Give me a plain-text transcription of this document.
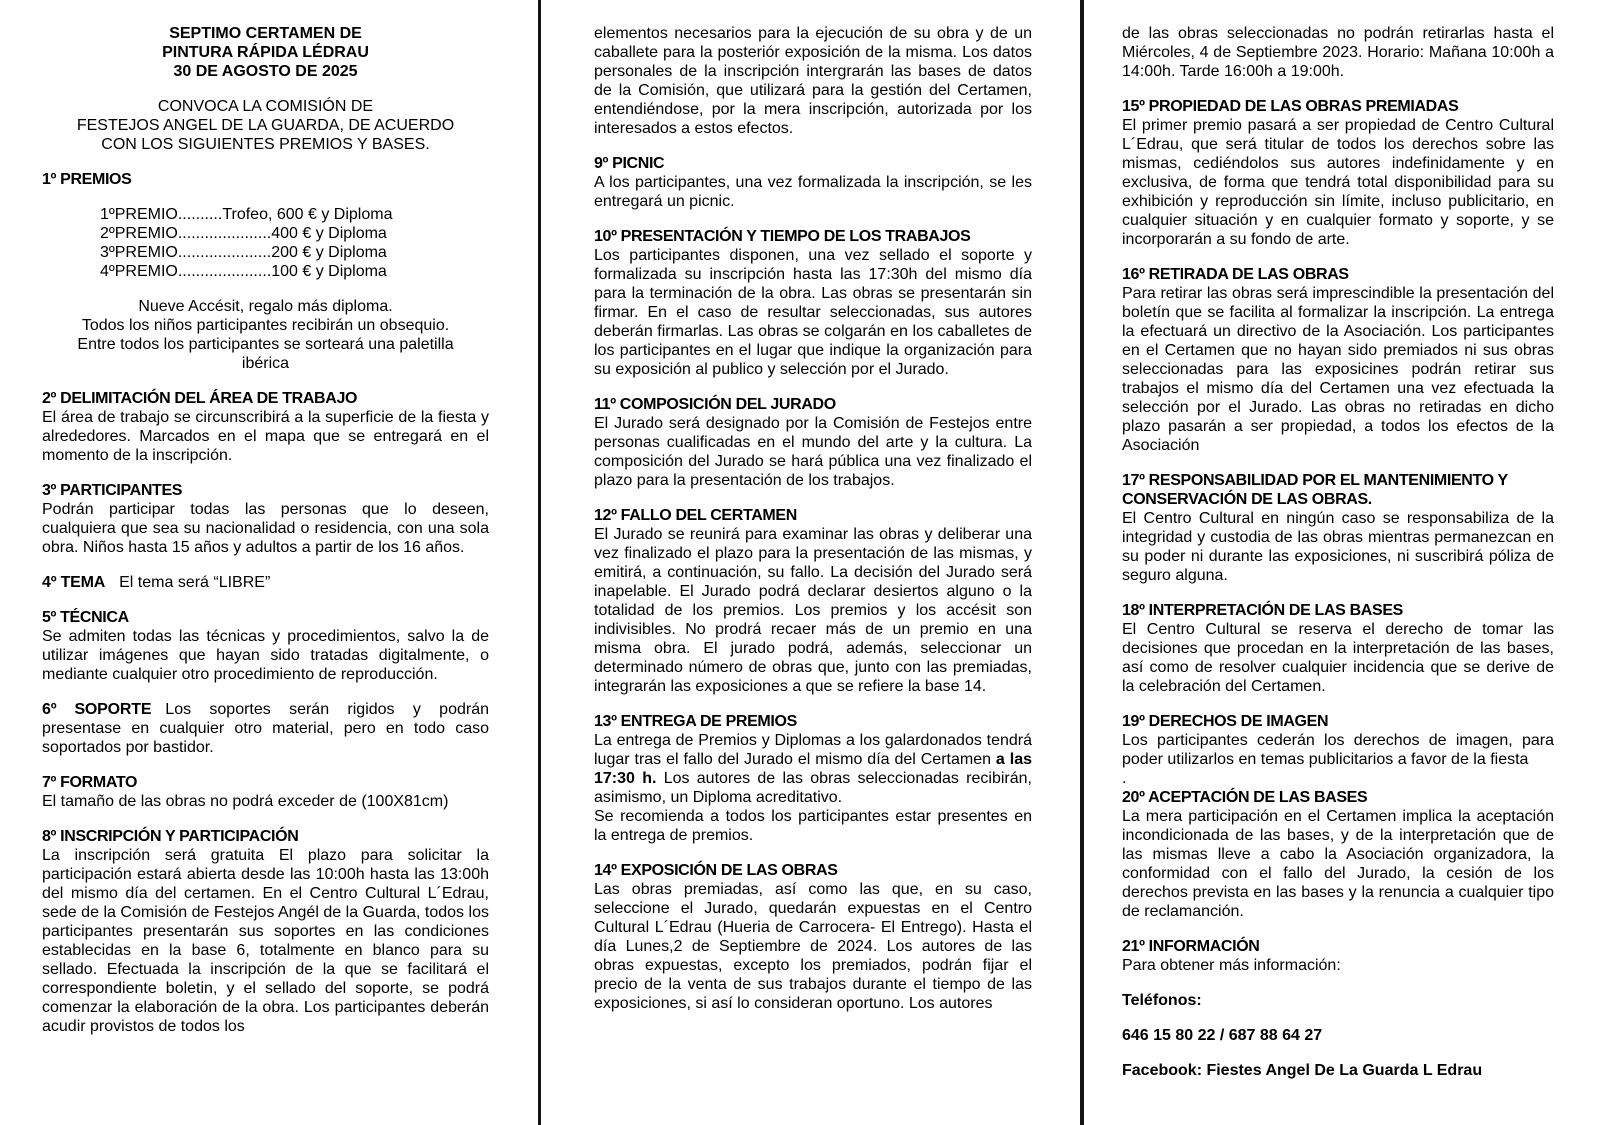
SEPTIMO CERTAMEN DE
PINTURA RÁPIDA LÉDRAU
30 DE AGOSTO DE 2025
CONVOCA LA COMISIÓN DE
FESTEJOS ANGEL DE LA GUARDA, DE ACUERDO
CON LOS SIGUIENTES PREMIOS Y BASES.
1º PREMIOS
1ºPREMIO..........Trofeo, 600 € y Diploma
2ºPREMIO.....................400 € y Diploma
3ºPREMIO.....................200 € y Diploma
4ºPREMIO.....................100 € y Diploma
Nueve Accésit, regalo más diploma.
Todos los niños participantes recibirán un obsequio.
Entre todos los participantes se sorteará una paletilla
ibérica
2º DELIMITACIÓN DEL ÁREA DE TRABAJO
El área de trabajo se circunscribirá a la superficie de la fiesta y alrededores. Marcados en el mapa que se entregará en el momento de la inscripción.
3º PARTICIPANTES
Podrán participar todas las personas que lo deseen, cualquiera que sea su nacionalidad o residencia, con una sola obra. Niños hasta 15 años y adultos a partir de los 16 años.
4º TEMA El tema será “LIBRE”
5º TÉCNICA
Se admiten todas las técnicas y procedimientos, salvo la de utilizar imágenes que hayan sido tratadas digitalmente, o mediante cualquier otro procedimiento de reproducción.
6º SOPORTE Los soportes serán rigidos y podrán presentase en cualquier otro material, pero en todo caso soportados por bastidor.
7º FORMATO
El tamaño de las obras no podrá exceder de (100X81cm)
8º INSCRIPCIÓN Y PARTICIPACIÓN
La inscripción será gratuita El plazo para solicitar la participación estará abierta desde las 10:00h hasta las 13:00h del mismo día del certamen. En el Centro Cultural L´Edrau, sede de la Comisión de Festejos Angél de la Guarda, todos los participantes presentarán sus soportes en las condiciones establecidas en la base 6, totalmente en blanco para su sellado. Efectuada la inscripción de la que se facilitará el correspondiente boletin, y el sellado del soporte, se podrá comenzar la elaboración de la obra. Los participantes deberán acudir provistos de todos los
elementos necesarios para la ejecución de su obra y de un caballete para la posteriór exposición de la misma. Los datos personales de la inscripción intergrarán las bases de datos de la Comisión, que utilizará para la gestión del Certamen, entendiéndose, por la mera inscripción, autorizada por los interesados a estos efectos.
9º PICNIC
A los participantes, una vez formalizada la inscripción, se les entregará un picnic.
10º PRESENTACIÓN Y TIEMPO DE LOS TRABAJOS
Los participantes disponen, una vez sellado el soporte y formalizada su inscripción hasta las 17:30h del mismo día para la terminación de la obra. Las obras se presentarán sin firmar. En el caso de resultar seleccionadas, sus autores deberán firmarlas. Las obras se colgarán en los caballetes de los participantes en el lugar que indique la organización para su exposición al publico y selección por el Jurado.
11º COMPOSICIÓN DEL JURADO
El Jurado será designado por la Comisión de Festejos entre personas cualificadas en el mundo del arte y la cultura. La composición del Jurado se hará pública una vez finalizado el plazo para la presentación de los trabajos.
12º FALLO DEL CERTAMEN
El Jurado se reunirá para examinar las obras y deliberar una vez finalizado el plazo para la presentación de las mismas, y emitirá, a continuación, su fallo. La decisión del Jurado será inapelable. El Jurado podrá declarar desiertos alguno o la totalidad de los premios. Los premios y los accésit son indivisibles. No prodrá recaer más de un premio en una misma obra. El jurado podrá, además, seleccionar un determinado número de obras que, junto con las premiadas, integrarán las exposiciones a que se refiere la base 14.
13º ENTREGA DE PREMIOS
La entrega de Premios y Diplomas a los galardonados tendrá lugar tras el fallo del Jurado el mismo día del Certamen a las 17:30 h. Los autores de las obras seleccionadas recibirán, asimismo, un Diploma acreditativo.
Se recomienda a todos los participantes estar presentes en la entrega de premios.
14º EXPOSICIÓN DE LAS OBRAS
Las obras premiadas, así como las que, en su caso, seleccione el Jurado, quedarán expuestas en el Centro Cultural L´Edrau (Hueria de Carrocera- El Entrego). Hasta el día Lunes,2 de Septiembre de 2024. Los autores de las obras expuestas, excepto los premiados, podrán fijar el precio de la venta de sus trabajos durante el tiempo de las exposiciones, si así lo consideran oportuno. Los autores
de las obras seleccionadas no podrán retirarlas hasta el Miércoles, 4 de Septiembre 2023. Horario: Mañana 10:00h a 14:00h. Tarde 16:00h a 19:00h.
15º PROPIEDAD DE LAS OBRAS PREMIADAS
El primer premio pasará a ser propiedad de Centro Cultural L´Edrau, que será titular de todos los derechos sobre las mismas, cediéndolos sus autores indefinidamente y en exclusiva, de forma que tendrá total disponibilidad para su exhibición y reproducción sin límite, incluso publicitario, en cualquier situación y en cualquier formato y soporte, y se incorporarán a su fondo de arte.
16º RETIRADA DE LAS OBRAS
Para retirar las obras será imprescindible la presentación del boletín que se facilita al formalizar la inscripción. La entrega la efectuará un directivo de la Asociación. Los participantes en el Certamen que no hayan sido premiados ni sus obras seleccionadas para las exposicines podrán retirar sus trabajos el mismo día del Certamen una vez efectuada la selección por el Jurado. Las obras no retiradas en dicho plazo pasarán a ser propiedad, a todos los efectos de la Asociación
17º RESPONSABILIDAD POR EL MANTENIMIENTO Y CONSERVACIÓN DE LAS OBRAS.
El Centro Cultural en ningún caso se responsabiliza de la integridad y custodia de las obras mientras permanezcan en su poder ni durante las exposiciones, ni suscribirá póliza de seguro alguna.
18º INTERPRETACIÓN DE LAS BASES
El Centro Cultural se reserva el derecho de tomar las decisiones que procedan en la interpretación de las bases, así como de resolver cualquier incidencia que se derive de la celebración del Certamen.
19º DERECHOS DE IMAGEN
Los participantes cederán los derechos de imagen, para poder utilizarlos en temas publicitarios a favor de la fiesta
.
20º ACEPTACIÓN DE LAS BASES
La mera participación en el Certamen implica la aceptación incondicionada de las bases, y de la interpretación que de las mismas lleve a cabo la Asociación organizadora, la conformidad con el fallo del Jurado, la cesión de los derechos prevista en las bases y la renuncia a cualquier tipo de reclamanción.
21º INFORMACIÓN
Para obtener más información:
Teléfonos:
646 15 80 22 / 687 88 64 27
Facebook: Fiestes Angel De La Guarda L Edrau
